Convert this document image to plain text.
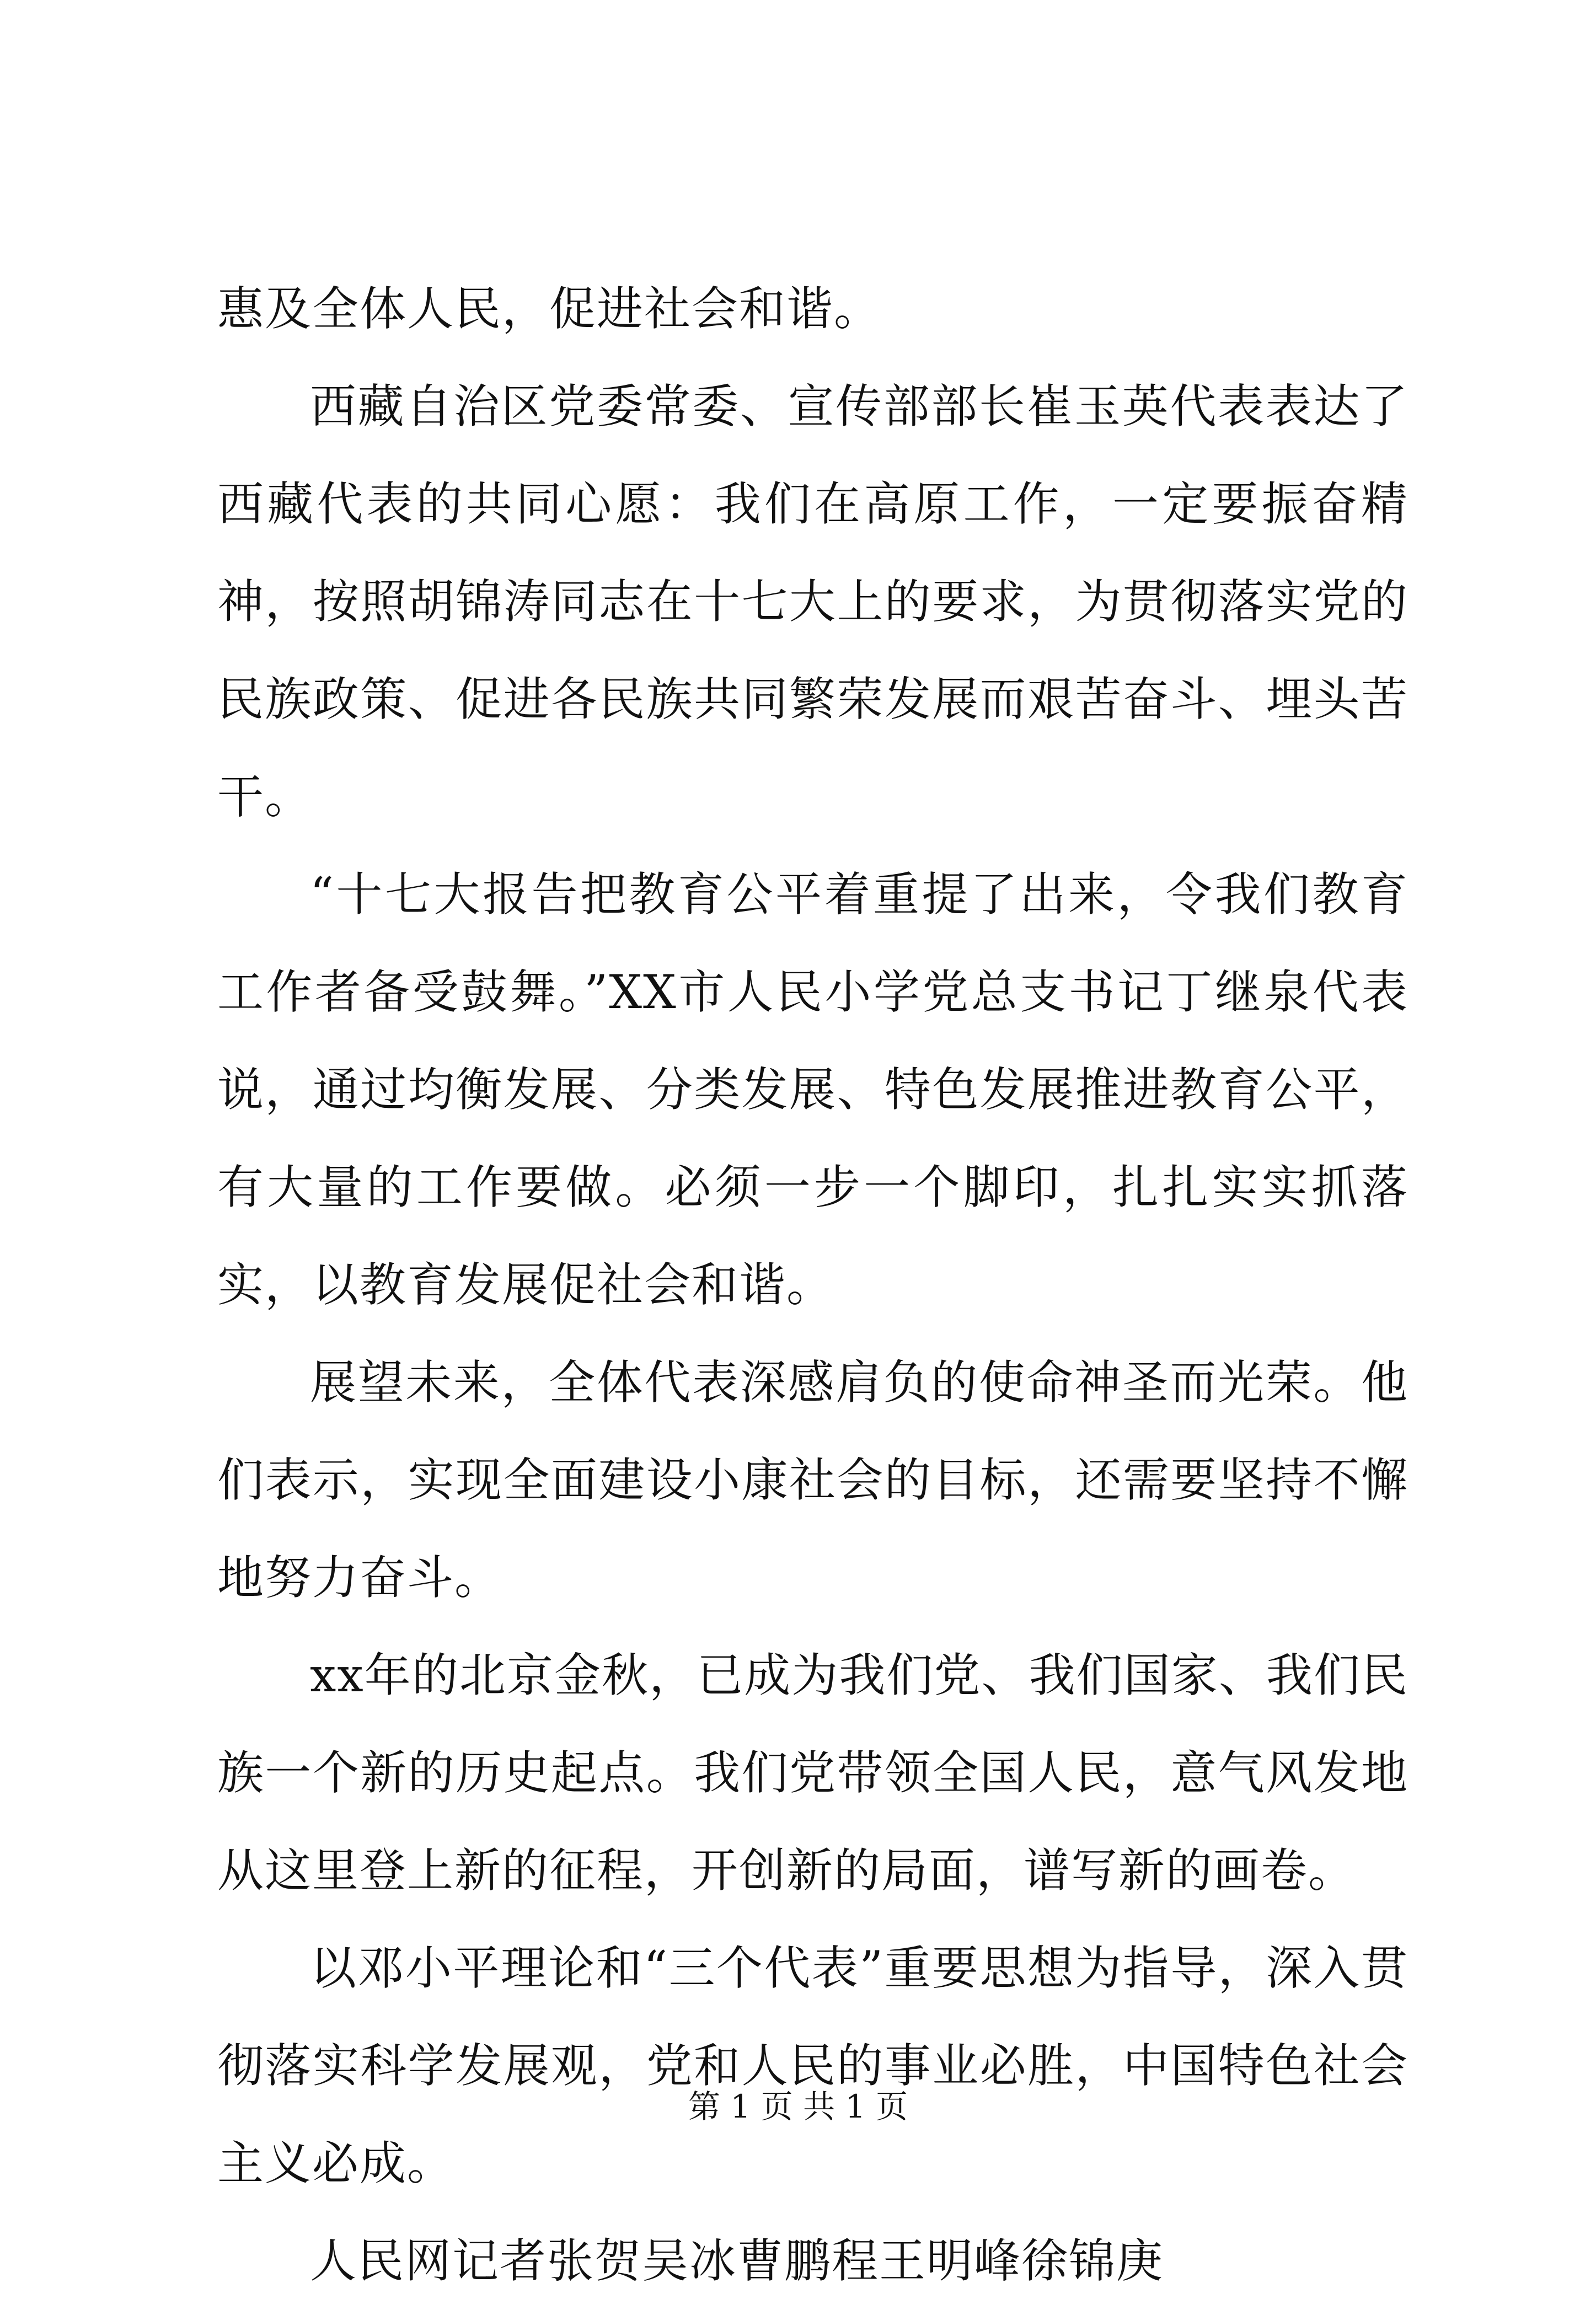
惠及全体人民，促进社会和谐。

西藏自治区党委常委、宣传部部长崔玉英代表表达了西藏代表的共同心愿：我们在高原工作，一定要振奋精神，按照胡锦涛同志在十七大上的要求，为贯彻落实党的民族政策、促进各民族共同繁荣发展而艰苦奋斗、埋头苦干。

“十七大报告把教育公平着重提了出来，令我们教育工作者备受鼓舞。”XX市人民小学党总支书记丁继泉代表说，通过均衡发展、分类发展、特色发展推进教育公平，有大量的工作要做。必须一步一个脚印，扎扎实实抓落实，以教育发展促社会和谐。

展望未来，全体代表深感肩负的使命神圣而光荣。他们表示，实现全面建设小康社会的目标，还需要坚持不懈地努力奋斗。

xx年的北京金秋，已成为我们党、我们国家、我们民族一个新的历史起点。我们党带领全国人民，意气风发地从这里登上新的征程，开创新的局面，谱写新的画卷。

以邓小平理论和“三个代表”重要思想为指导，深入贯彻落实科学发展观，党和人民的事业必胜，中国特色社会主义必成。

人民网记者张贺吴冰曹鹏程王明峰徐锦庚

第 1 页 共 1 页
